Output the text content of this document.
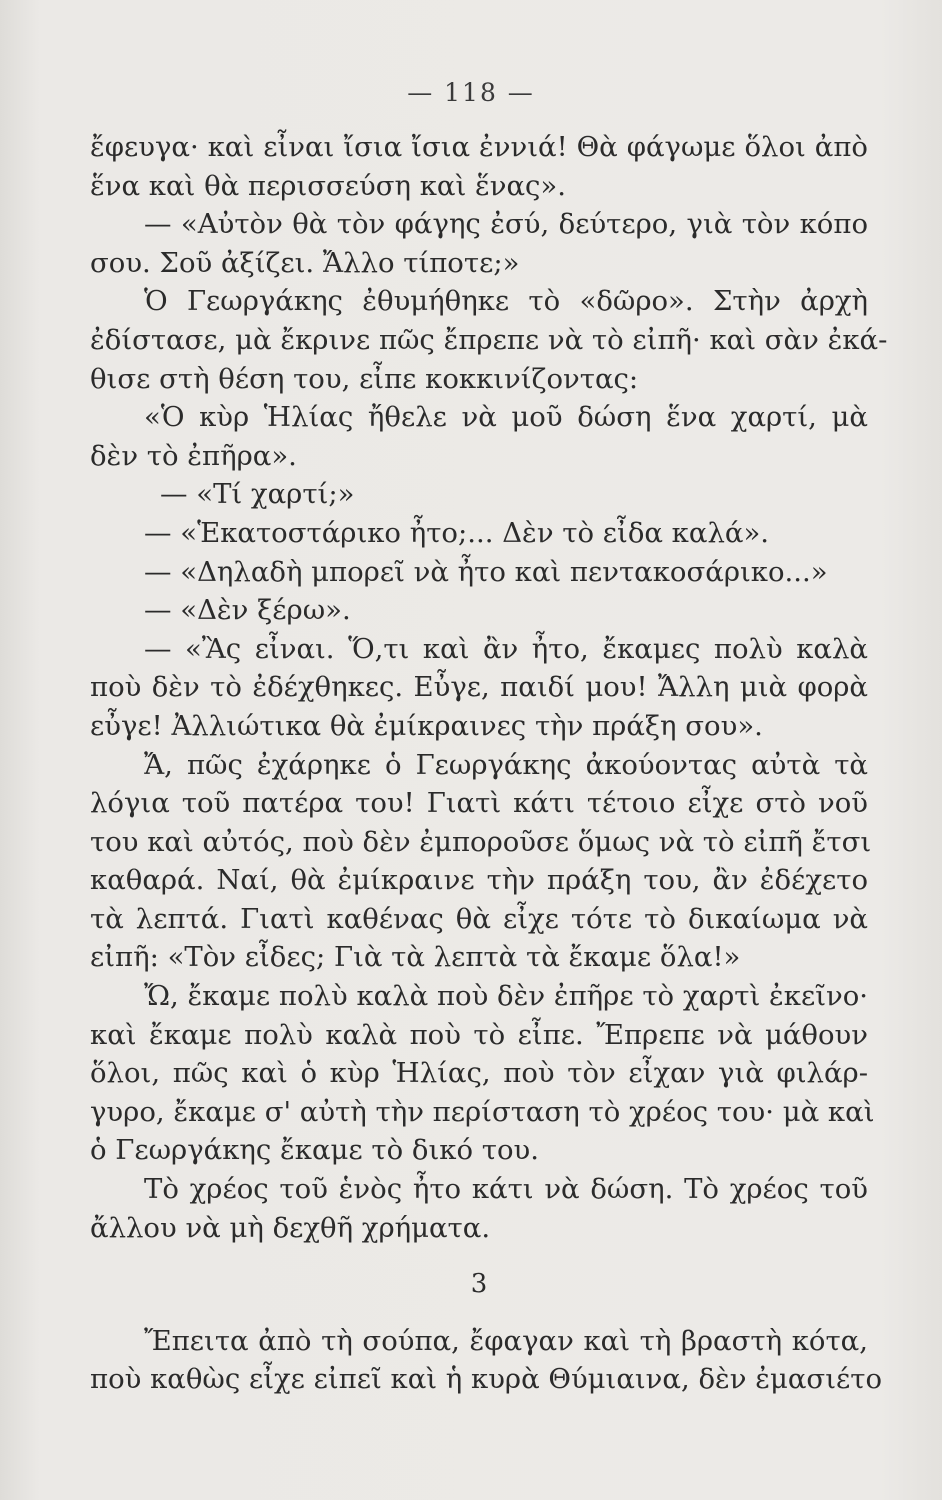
— 118 —
ἔφευγα· καὶ εἶναι ἴσια ἴσια ἐννιά! Θὰ φάγωμε ὅλοι ἀπὸ
ἕνα καὶ θὰ περισσεύση καὶ ἕνας».
— «Αὐτὸν θὰ τὸν φάγης ἐσύ, δεύτερο, γιὰ τὸν κόπο
σου. Σοῦ ἀξίζει. Ἄλλο τίποτε;»
Ὁ Γεωργάκης ἐθυμήθηκε τὸ «δῶρο». Στὴν ἀρχὴ
ἐδίστασε, μὰ ἔκρινε πῶς ἔπρεπε νὰ τὸ εἰπῆ· καὶ σὰν ἐκά-
θισε στὴ θέση του, εἶπε κοκκινίζοντας:
«Ὁ κὺρ Ἡλίας ἤθελε νὰ μοῦ δώση ἕνα χαρτί, μὰ
δὲν τὸ ἐπῆρα».
— «Τί χαρτί;»
— «Ἑκατοστάρικο ἦτο;... Δὲν τὸ εἶδα καλά».
— «Δηλαδὴ μπορεῖ νὰ ἦτο καὶ πεντακοσάρικο...»
— «Δὲν ξέρω».
— «Ἂς εἶναι. Ὅ,τι καὶ ἂν ἦτο, ἔκαμες πολὺ καλὰ
ποὺ δὲν τὸ ἐδέχθηκες. Εὖγε, παιδί μου! Ἄλλη μιὰ φορὰ
εὖγε! Ἀλλιώτικα θὰ ἐμίκραινες τὴν πράξη σου».
Ἄ, πῶς ἐχάρηκε ὁ Γεωργάκης ἀκούοντας αὐτὰ τὰ
λόγια τοῦ πατέρα του! Γιατὶ κάτι τέτοιο εἶχε στὸ νοῦ
του καὶ αὐτός, ποὺ δὲν ἐμποροῦσε ὅμως νὰ τὸ εἰπῆ ἔτσι
καθαρά. Ναί, θὰ ἐμίκραινε τὴν πράξη του, ἂν ἐδέχετο
τὰ λεπτά. Γιατὶ καθένας θὰ εἶχε τότε τὸ δικαίωμα νὰ
εἰπῆ: «Τὸν εἶδες; Γιὰ τὰ λεπτὰ τὰ ἔκαμε ὅλα!»
Ὤ, ἔκαμε πολὺ καλὰ ποὺ δὲν ἐπῆρε τὸ χαρτὶ ἐκεῖνο·
καὶ ἔκαμε πολὺ καλὰ ποὺ τὸ εἶπε. Ἔπρεπε νὰ μάθουν
ὅλοι, πῶς καὶ ὁ κὺρ Ἡλίας, ποὺ τὸν εἶχαν γιὰ φιλάρ-
γυρο, ἔκαμε σ' αὐτὴ τὴν περίσταση τὸ χρέος του· μὰ καὶ
ὁ Γεωργάκης ἔκαμε τὸ δικό του.
Τὸ χρέος τοῦ ἑνὸς ἦτο κάτι νὰ δώση. Τὸ χρέος τοῦ
ἄλλου νὰ μὴ δεχθῆ χρήματα.
3
Ἔπειτα ἀπὸ τὴ σούπα, ἔφαγαν καὶ τὴ βραστὴ κότα,
ποὺ καθὼς εἶχε εἰπεῖ καὶ ἡ κυρὰ Θύμιαινα, δὲν ἐμασιέτο
